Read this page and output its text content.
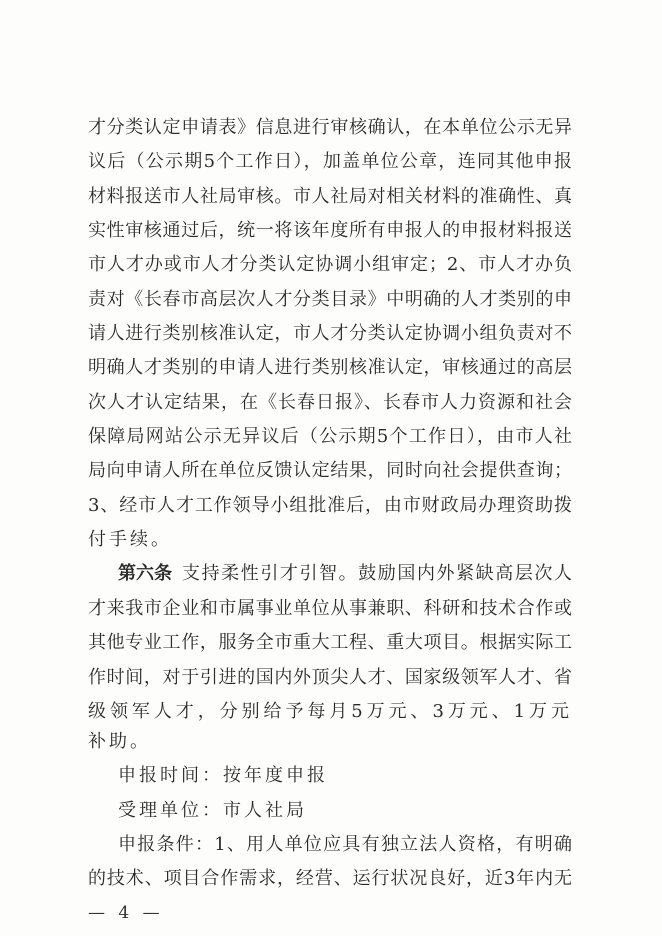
才分类认定申请表》信息进行审核确认，在本单位公示无异
议后（公示期5个工作日），加盖单位公章，连同其他申报
材料报送市人社局审核。市人社局对相关材料的准确性、真
实性审核通过后，统一将该年度所有申报人的申报材料报送
市人才办或市人才分类认定协调小组审定；2、市人才办负
责对《长春市高层次人才分类目录》中明确的人才类别的申
请人进行类别核准认定，市人才分类认定协调小组负责对不
明确人才类别的申请人进行类别核准认定，审核通过的高层
次人才认定结果，在《长春日报》、长春市人力资源和社会
保障局网站公示无异议后（公示期5个工作日），由市人社
局向申请人所在单位反馈认定结果，同时向社会提供查询；
3、经市人才工作领导小组批准后，由市财政局办理资助拨
付手续。
第六条 支持柔性引才引智。鼓励国内外紧缺高层次人
才来我市企业和市属事业单位从事兼职、科研和技术合作或
其他专业工作，服务全市重大工程、重大项目。根据实际工
作时间，对于引进的国内外顶尖人才、国家级领军人才、省
级领军人才，分别给予每月5万元、3万元、1万元补助。
申报时间：按年度申报
受理单位：市人社局
申报条件：1、用人单位应具有独立法人资格，有明确
的技术、项目合作需求，经营、运行状况良好，近3年内无
— 4 —
